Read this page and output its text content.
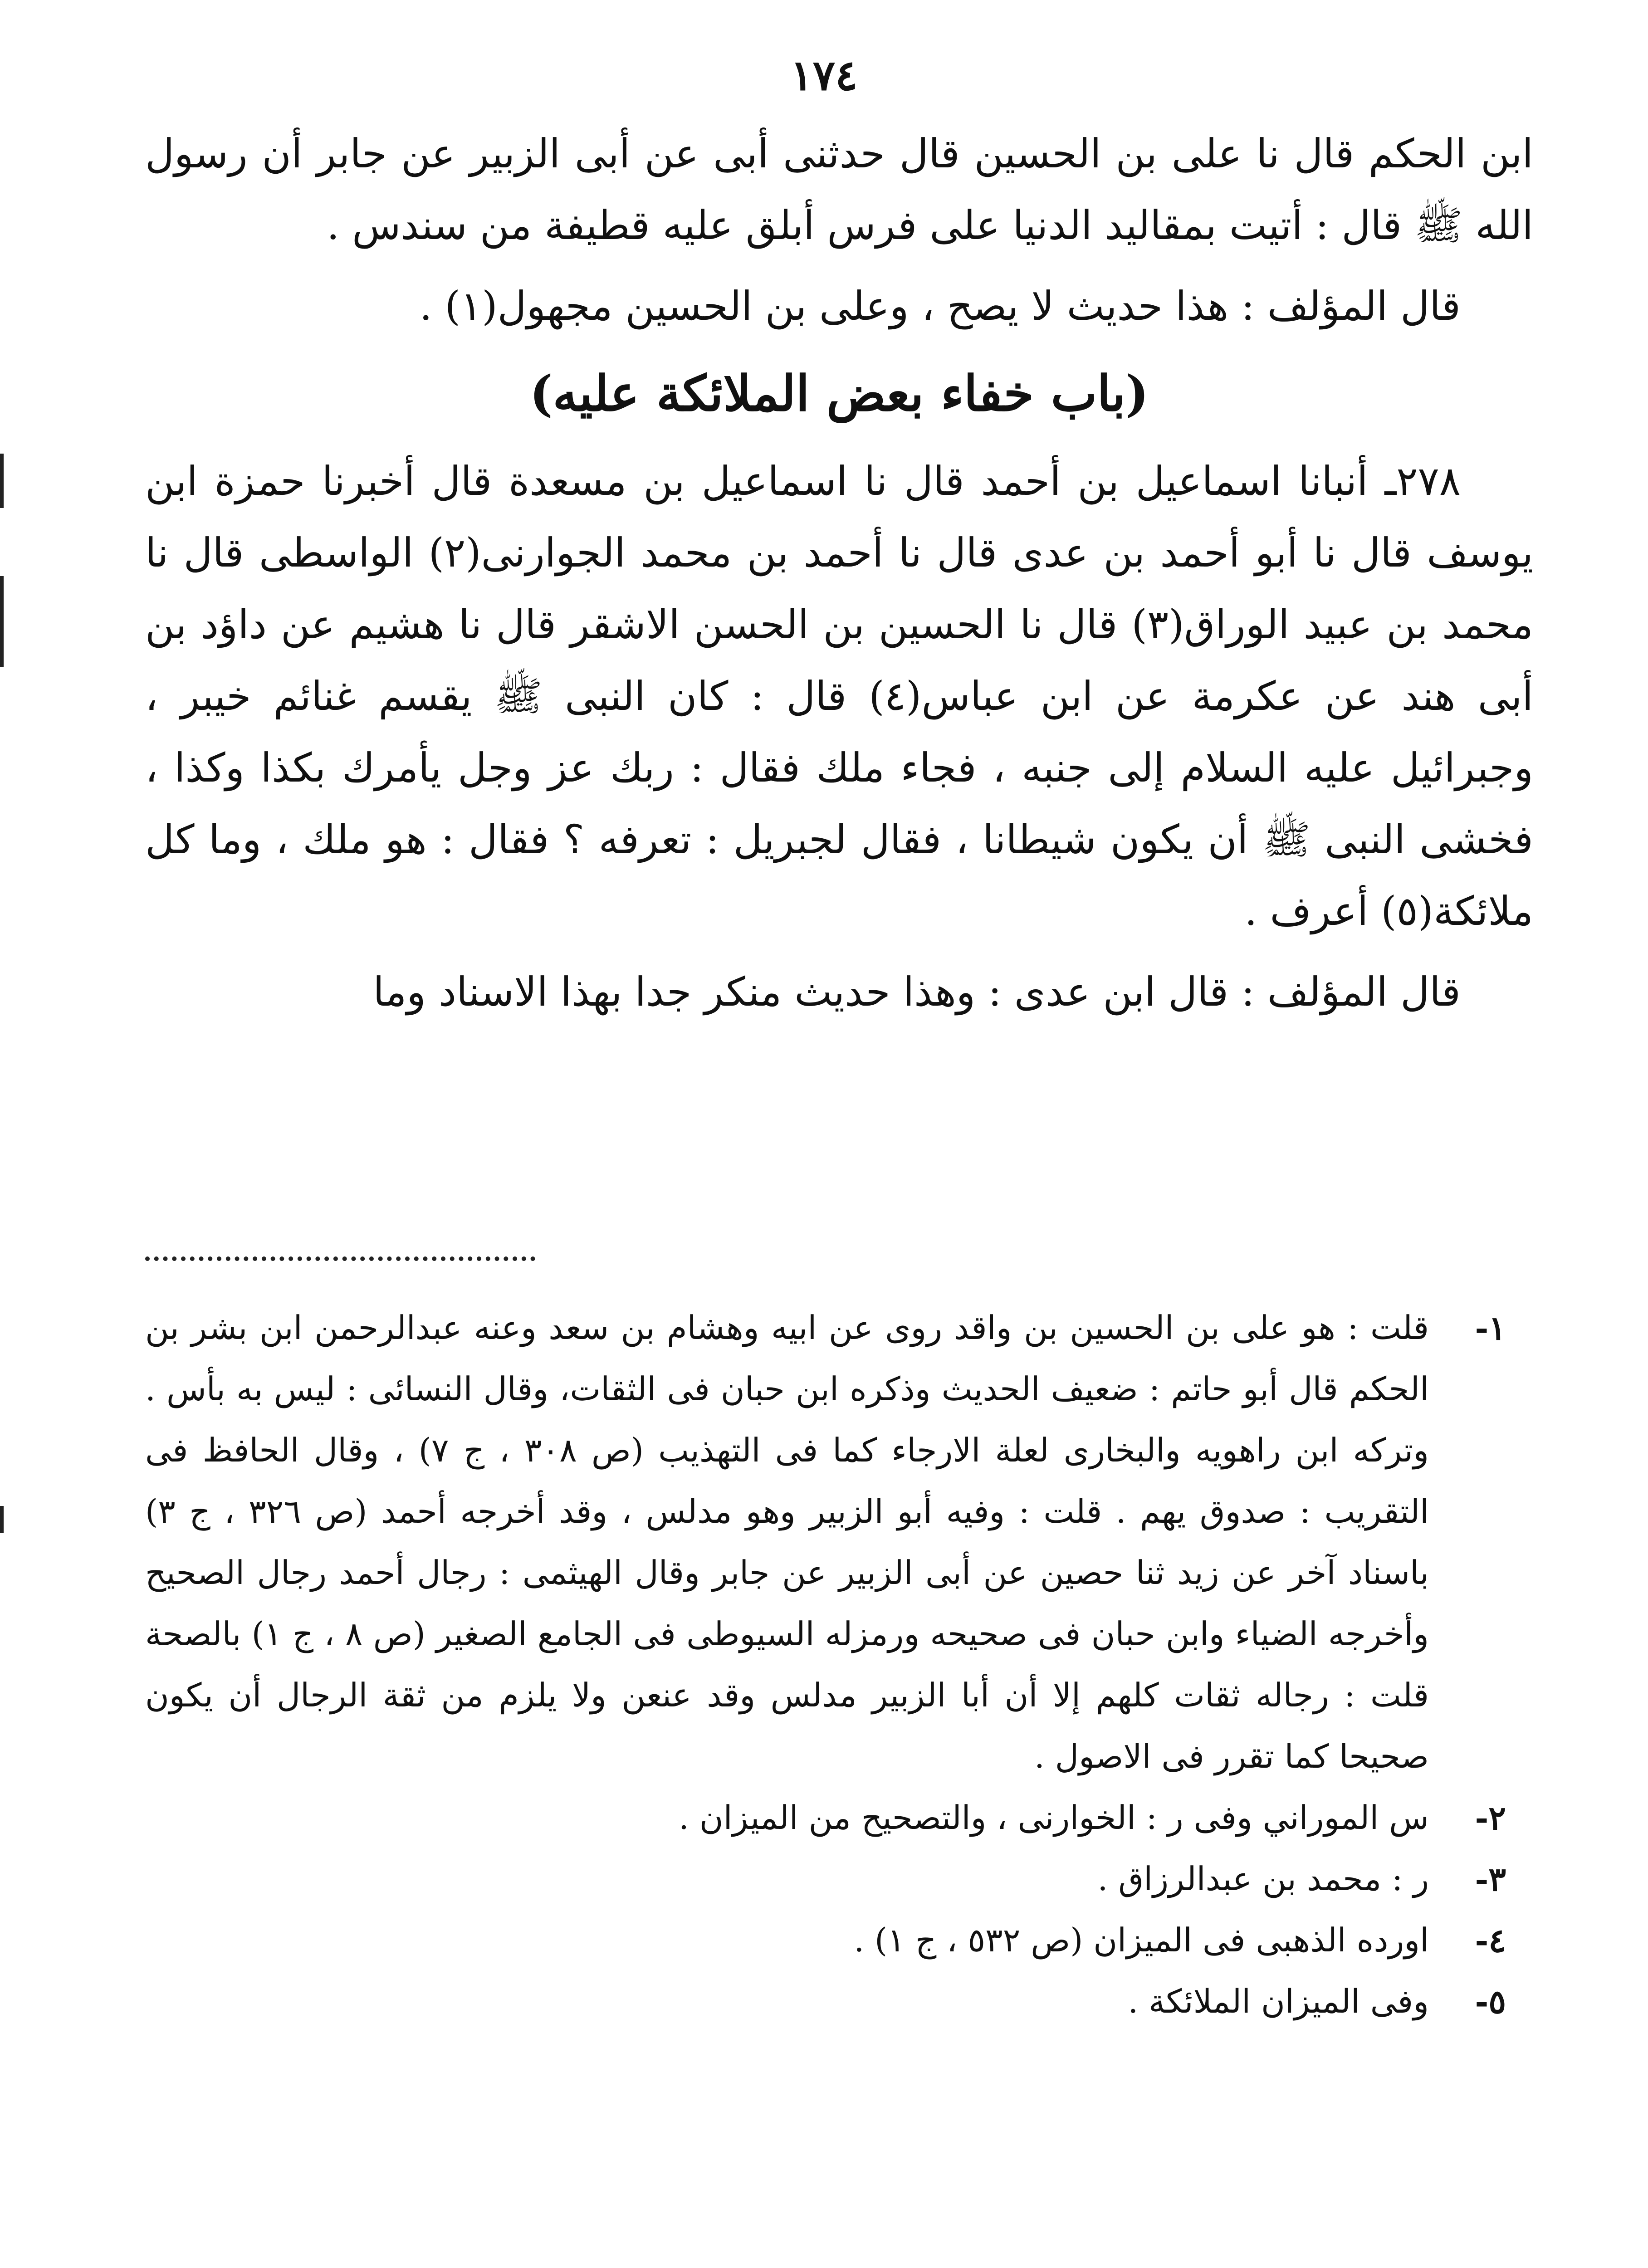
١٧٤

ابن الحكم قال نا على بن الحسين قال حدثنى أبى عن أبى الزبير عن جابر أن رسول الله ﷺ قال : أتيت بمقاليد الدنيا على فرس أبلق عليه قطيفة من سندس .

قال المؤلف : هذا حديث لا يصح ، وعلى بن الحسين مجهول(١) .

(باب خفاء بعض الملائكة عليه)

٢٧٨ـ أنبانا اسماعيل بن أحمد قال نا اسماعيل بن مسعدة قال أخبرنا حمزة ابن يوسف قال نا أبو أحمد بن عدى قال نا أحمد بن محمد الجوارنى(٢) الواسطى قال نا محمد بن عبيد الوراق(٣) قال نا الحسين بن الحسن الاشقر قال نا هشيم عن داؤد بن أبى هند عن عكرمة عن ابن عباس(٤) قال : كان النبى ﷺ يقسم غنائم خيبر ، وجبرائيل عليه السلام إلى جنبه ، فجاء ملك فقال : ربك عز وجل يأمرك بكذا وكذا ، فخشى النبى ﷺ أن يكون شيطانا ، فقال لجبريل : تعرفه ؟ فقال : هو ملك ، وما كل ملائكة(٥) أعرف .

قال المؤلف : قال ابن عدى : وهذا حديث منكر جدا بهذا الاسناد وما

١-
قلت : هو على بن الحسين بن واقد روى عن ابيه وهشام بن سعد وعنه عبدالرحمن ابن بشر بن الحكم قال أبو حاتم : ضعيف الحديث وذكره ابن حبان فى الثقات، وقال النسائى : ليس به بأس . وتركه ابن راهويه والبخارى لعلة الارجاء كما فى التهذيب (ص ٣٠٨ ، ج ٧) ، وقال الحافظ فى التقريب : صدوق يهم . قلت : وفيه أبو الزبير وهو مدلس ، وقد أخرجه أحمد (ص ٣٢٦ ، ج ٣) باسناد آخر عن زيد ثنا حصين عن أبى الزبير عن جابر وقال الهيثمى : رجال أحمد رجال الصحيح وأخرجه الضياء وابن حبان فى صحيحه ورمزله السيوطى فى الجامع الصغير (ص ٨ ، ج ١) بالصحة قلت : رجاله ثقات كلهم إلا أن أبا الزبير مدلس وقد عنعن ولا يلزم من ثقة الرجال أن يكون صحيحا كما تقرر فى الاصول .
٢-
س الموراني وفى ر : الخوارنى ، والتصحيح من الميزان .
٣-
ر : محمد بن عبدالرزاق .
٤-
اورده الذهبى فى الميزان (ص ٥٣٢ ، ج ١) .
٥-
وفى الميزان الملائكة .
